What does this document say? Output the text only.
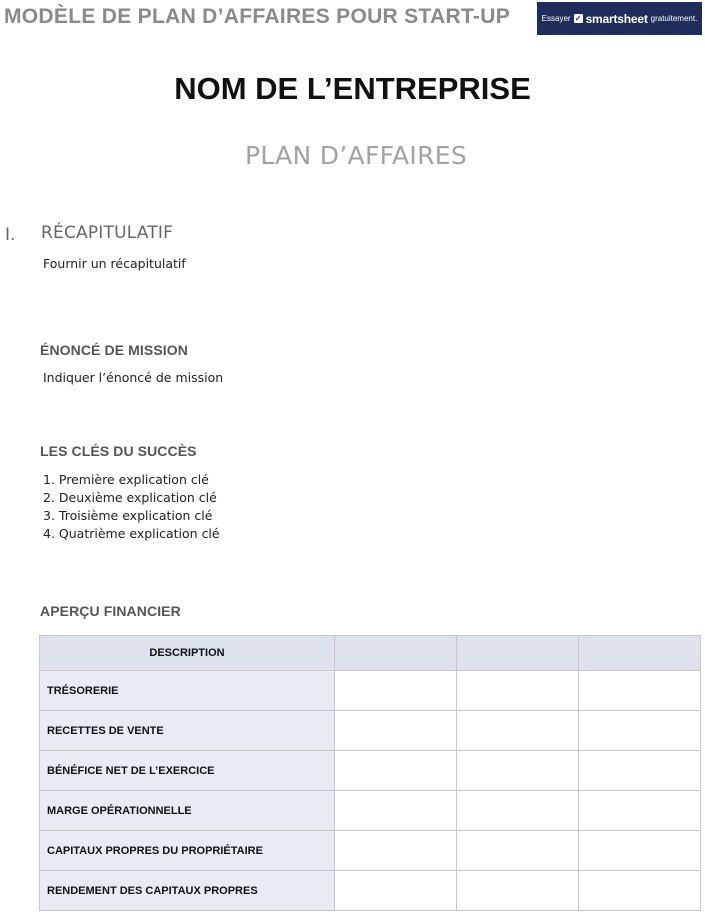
MODÈLE DE PLAN D’AFFAIRES POUR START-UP	Essayer ✓ smartsheet gratuitement.
NOM DE L’ENTREPRISE
PLAN D’AFFAIRES
I. RÉCAPITULATIF
Fournir un récapitulatif
ÉNONCÉ DE MISSION
Indiquer l’énoncé de mission
LES CLÉS DU SUCCÈS
1. Première explication clé
2. Deuxième explication clé
3. Troisième explication clé
4. Quatrième explication clé
APERÇU FINANCIER
DESCRIPTION			
TRÉSORERIE			
RECETTES DE VENTE			
BÉNÉFICE NET DE L’EXERCICE			
MARGE OPÉRATIONNELLE			
CAPITAUX PROPRES DU PROPRIÉTAIRE			
RENDEMENT DES CAPITAUX PROPRES			
